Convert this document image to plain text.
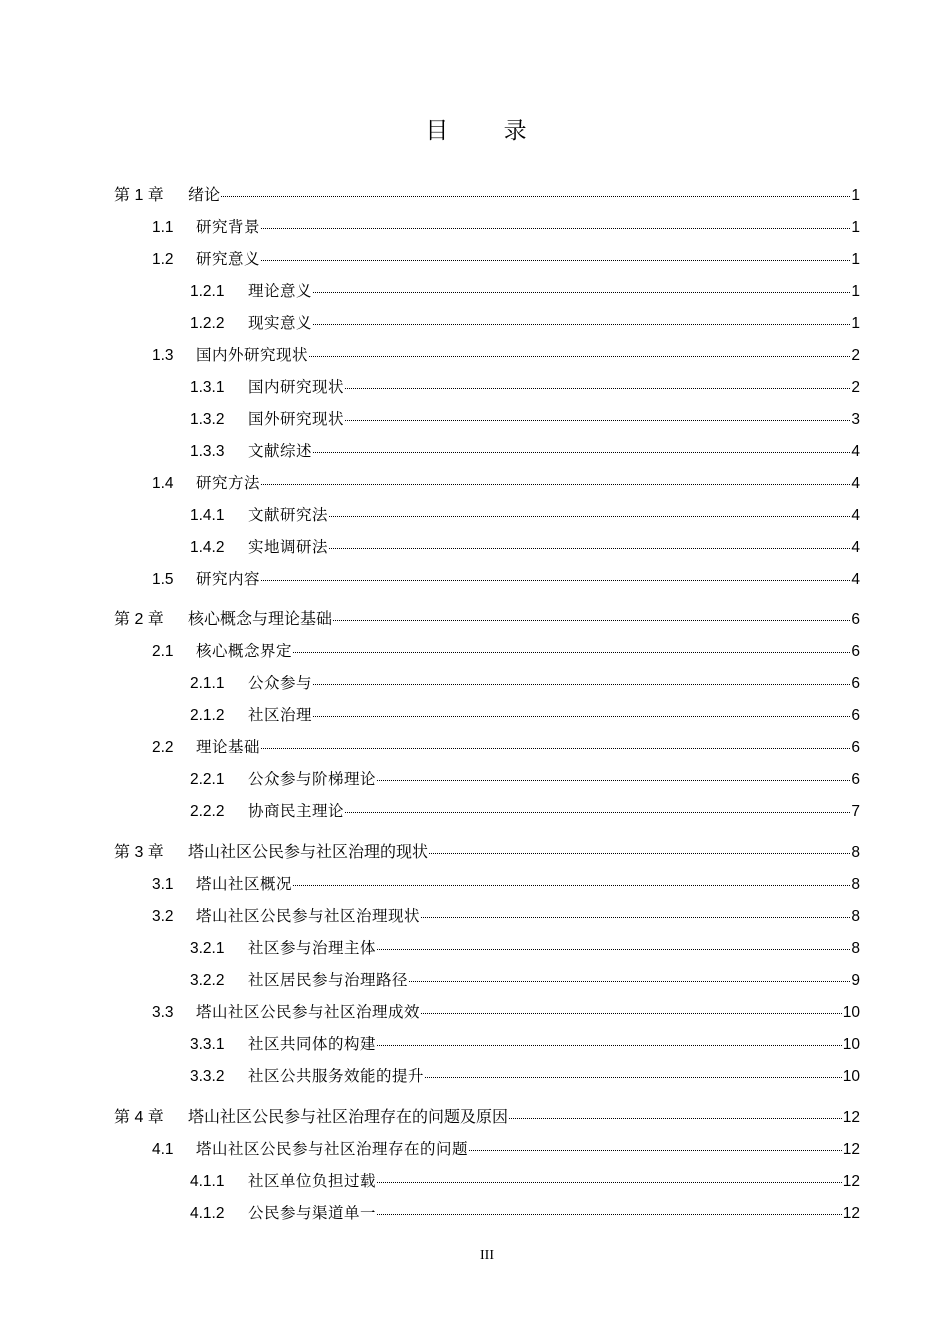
目 录
第 1 章	绪论	1
1.1	研究背景	1
1.2	研究意义	1
1.2.1	理论意义	1
1.2.2	现实意义	1
1.3	国内外研究现状	2
1.3.1	国内研究现状	2
1.3.2	国外研究现状	3
1.3.3	文献综述	4
1.4	研究方法	4
1.4.1	文献研究法	4
1.4.2	实地调研法	4
1.5	研究内容	4
第 2 章	核心概念与理论基础	6
2.1	核心概念界定	6
2.1.1	公众参与	6
2.1.2	社区治理	6
2.2	理论基础	6
2.2.1	公众参与阶梯理论	6
2.2.2	协商民主理论	7
第 3 章	塔山社区公民参与社区治理的现状	8
3.1	塔山社区概况	8
3.2	塔山社区公民参与社区治理现状	8
3.2.1	社区参与治理主体	8
3.2.2	社区居民参与治理路径	9
3.3	塔山社区公民参与社区治理成效	10
3.3.1	社区共同体的构建	10
3.3.2	社区公共服务效能的提升	10
第 4 章	塔山社区公民参与社区治理存在的问题及原因	12
4.1	塔山社区公民参与社区治理存在的问题	12
4.1.1	社区单位负担过载	12
4.1.2	公民参与渠道单一	12
III
